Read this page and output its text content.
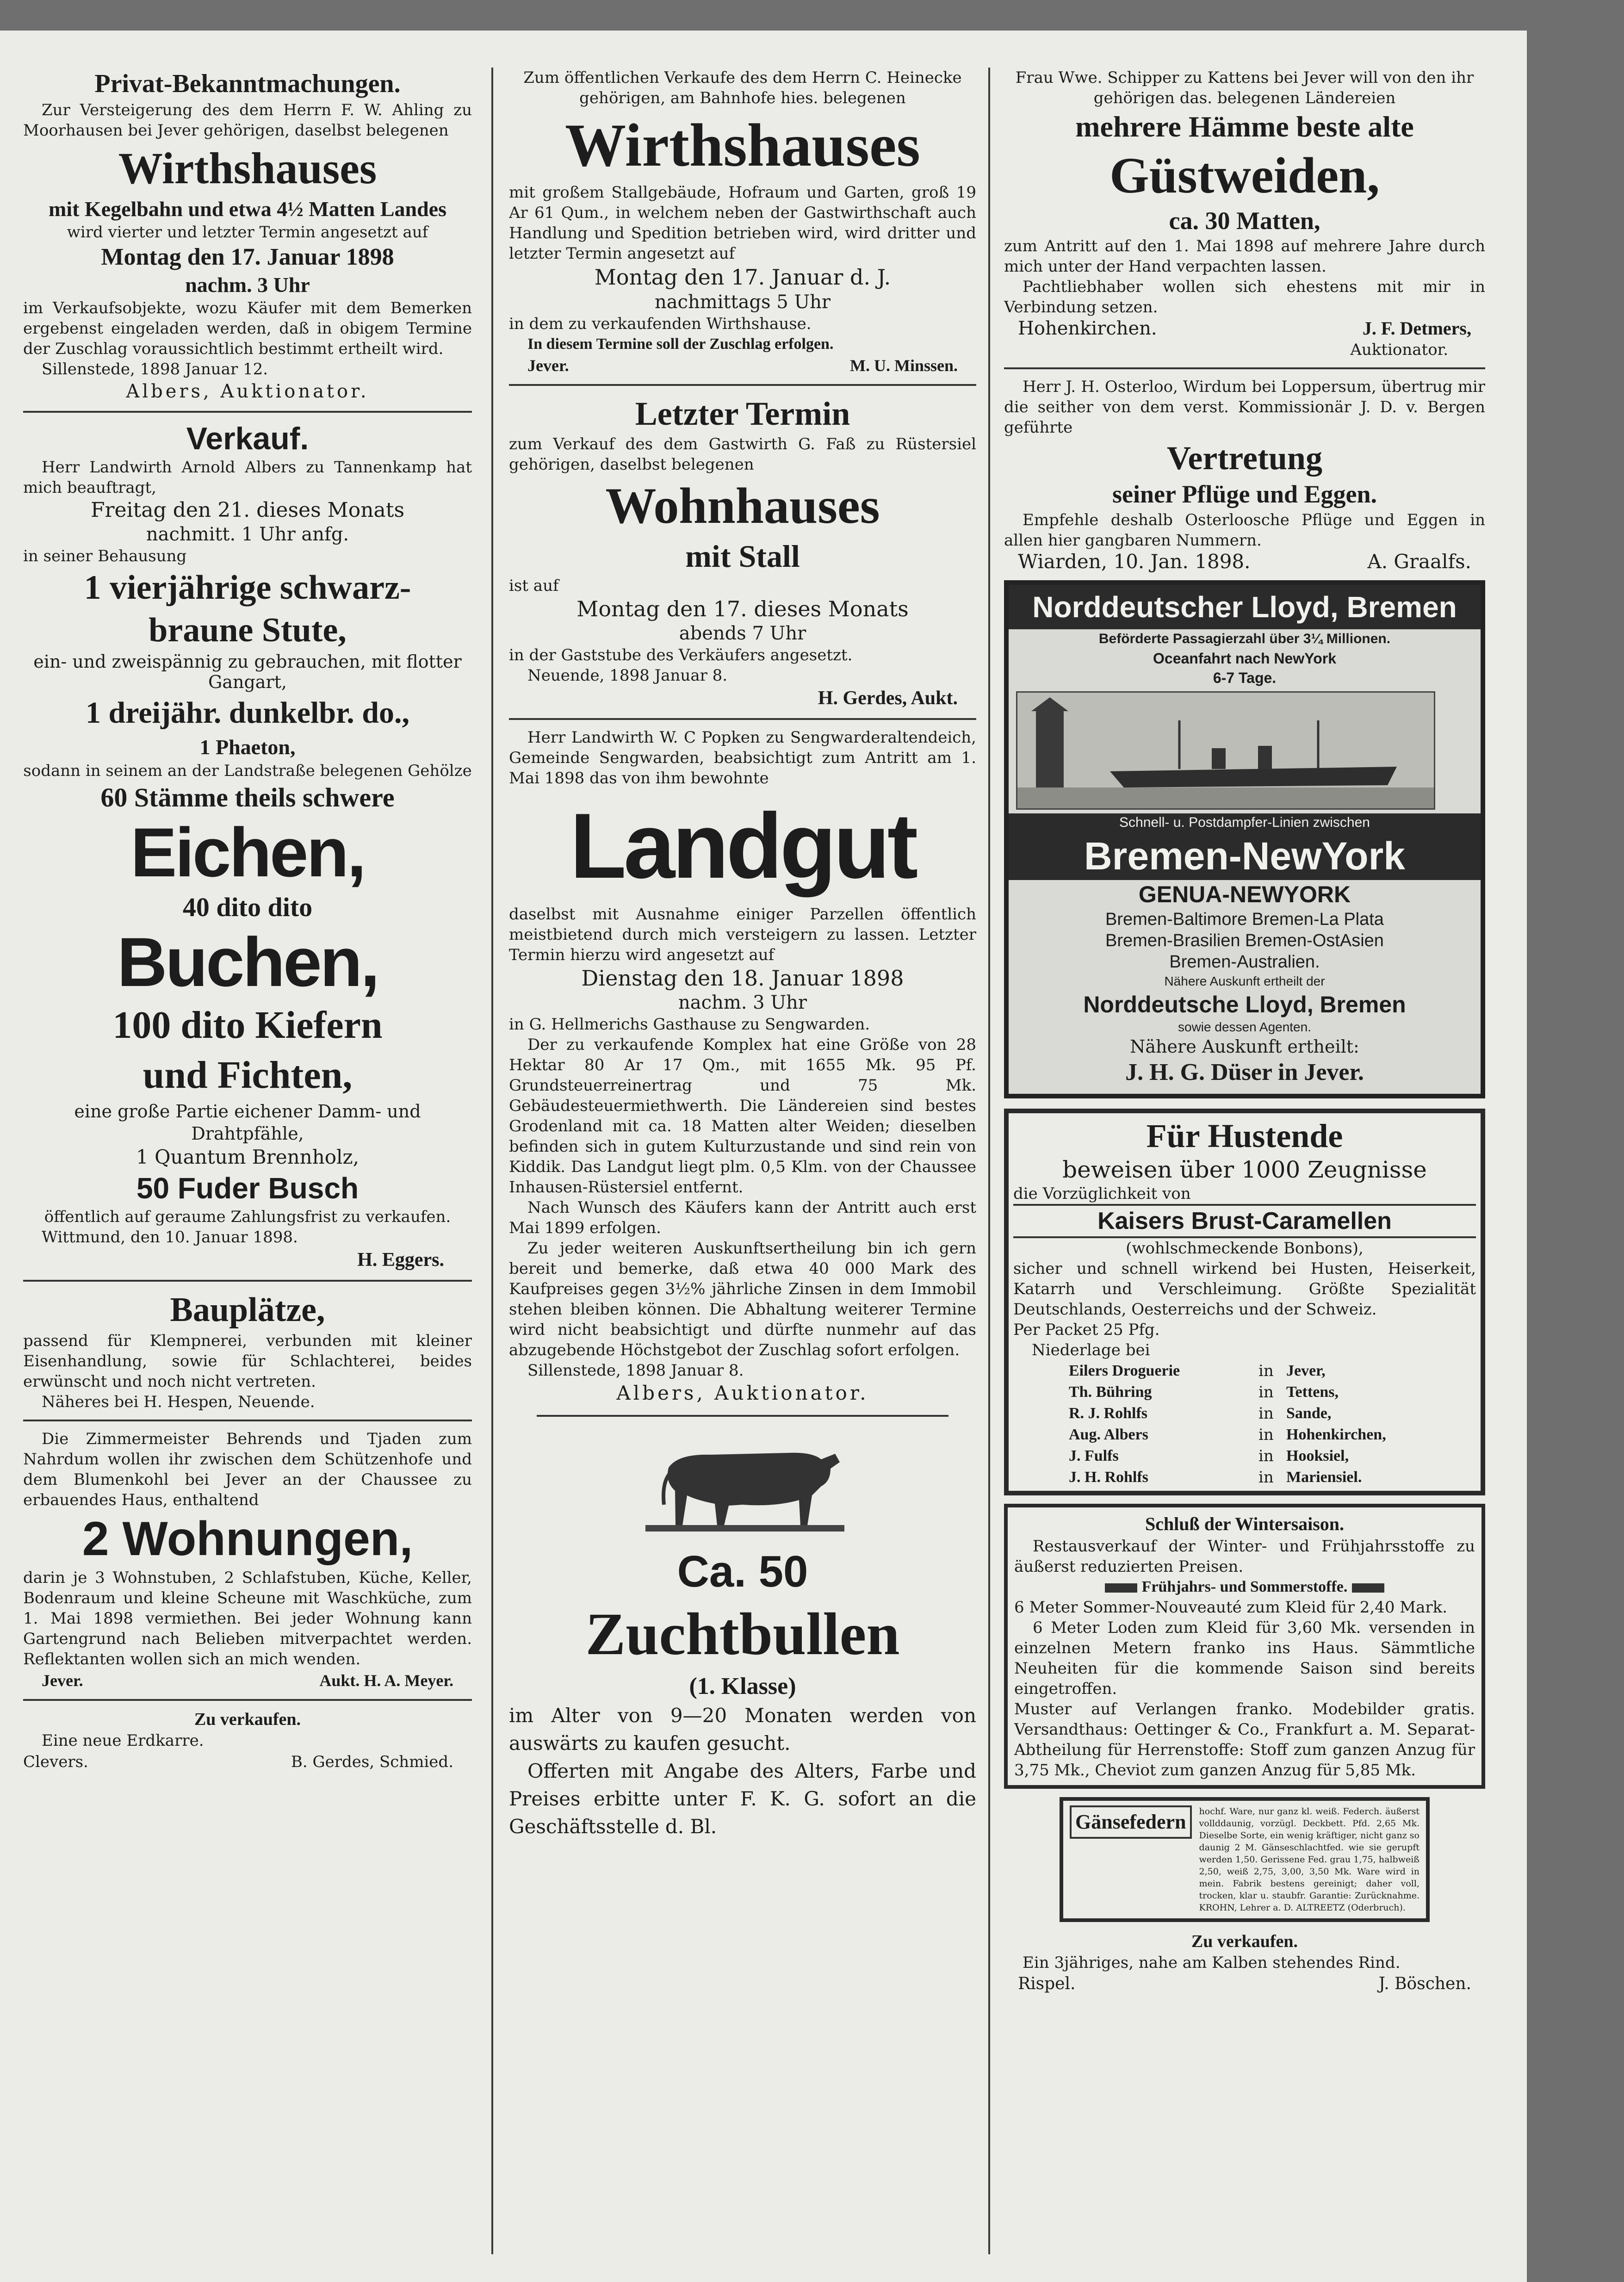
Privat-Bekanntmachungen.

Zur Versteigerung des dem Herrn F. W. Ahling zu Moorhausen bei Jever gehörigen, daselbst belegenen

Wirthshauses

mit Kegelbahn und etwa 4½ Matten Landes

wird vierter und letzter Termin angesetzt auf

Montag den 17. Januar 1898

nachm. 3 Uhr

im Verkaufsobjekte, wozu Käufer mit dem Bemerken ergebenst eingeladen werden, daß in obigem Termine der Zuschlag voraussichtlich bestimmt ertheilt wird.

Sillenstede, 1898 Januar 12.

Albers, Auktionator.

Verkauf.

Herr Landwirth Arnold Albers zu Tannenkamp hat mich beauftragt,

Freitag den 21. dieses Monats

nachmitt. 1 Uhr anfg.

in seiner Behausung

1 vierjährige schwarz-

braune Stute,

ein- und zweispännig zu gebrauchen, mit flotter Gangart,

1 dreijähr. dunkelbr. do.,

1 Phaeton,

sodann in seinem an der Landstraße belegenen Gehölze

60 Stämme theils schwere

Eichen,

40 dito dito

Buchen,

100 dito Kiefern

und Fichten,

eine große Partie eichener Damm- und Drahtpfähle,

1 Quantum Brennholz,

50 Fuder Busch

öffentlich auf geraume Zahlungsfrist zu verkaufen.

Wittmund, den 10. Januar 1898.

H. Eggers.

Bauplätze,

passend für Klempnerei, verbunden mit kleiner Eisenhandlung, sowie für Schlachterei, beides erwünscht und noch nicht vertreten.

Näheres bei H. Hespen, Neuende.

Die Zimmermeister Behrends und Tjaden zum Nahrdum wollen ihr zwischen dem Schützenhofe und dem Blumenkohl bei Jever an der Chaussee zu erbauendes Haus, enthaltend

2 Wohnungen,

darin je 3 Wohnstuben, 2 Schlafstuben, Küche, Keller, Bodenraum und kleine Scheune mit Waschküche, zum 1. Mai 1898 vermiethen. Bei jeder Wohnung kann Gartengrund nach Belieben mitverpachtet werden. Reflektanten wollen sich an mich wenden.

Jever.	Aukt. H. A. Meyer.

Zu verkaufen.

Eine neue Erdkarre.

Clevers.	B. Gerdes, Schmied.

Zum öffentlichen Verkaufe des dem Herrn C. Heinecke gehörigen, am Bahnhofe hies. belegenen

Wirthshauses

mit großem Stallgebäude, Hofraum und Garten, groß 19 Ar 61 Qum., in welchem neben der Gastwirthschaft auch Handlung und Spedition betrieben wird, wird dritter und letzter Termin angesetzt auf

Montag den 17. Januar d. J.

nachmittags 5 Uhr

in dem zu verkaufenden Wirthshause.

In diesem Termine soll der Zuschlag erfolgen.

Jever.	M. U. Minssen.

Letzter Termin

zum Verkauf des dem Gastwirth G. Faß zu Rüstersiel gehörigen, daselbst belegenen

Wohnhauses

mit Stall

ist auf

Montag den 17. dieses Monats

abends 7 Uhr

in der Gaststube des Verkäufers angesetzt.

Neuende, 1898 Januar 8.

H. Gerdes, Aukt.

Herr Landwirth W. C Popken zu Sengwarderaltendeich, Gemeinde Sengwarden, beabsichtigt zum Antritt am 1. Mai 1898 das von ihm bewohnte

Landgut

daselbst mit Ausnahme einiger Parzellen öffentlich meistbietend durch mich versteigern zu lassen. Letzter Termin hierzu wird angesetzt auf

Dienstag den 18. Januar 1898

nachm. 3 Uhr

in G. Hellmerichs Gasthause zu Sengwarden.

Der zu verkaufende Komplex hat eine Größe von 28 Hektar 80 Ar 17 Qm., mit 1655 Mk. 95 Pf. Grundsteuerreinertrag und 75 Mk. Gebäudesteuermiethwerth. Die Ländereien sind bestes Grodenland mit ca. 18 Matten alter Weiden; dieselben befinden sich in gutem Kulturzustande und sind rein von Kiddik. Das Landgut liegt plm. 0,5 Klm. von der Chaussee Inhausen-Rüstersiel entfernt.

Nach Wunsch des Käufers kann der Antritt auch erst Mai 1899 erfolgen.

Zu jeder weiteren Auskunftsertheilung bin ich gern bereit und bemerke, daß etwa 40 000 Mark des Kaufpreises gegen 3½% jährliche Zinsen in dem Immobil stehen bleiben können. Die Abhaltung weiterer Termine wird nicht beabsichtigt und dürfte nunmehr auf das abzugebende Höchstgebot der Zuschlag sofort erfolgen.

Sillenstede, 1898 Januar 8.

Albers, Auktionator.

Ca. 50

Zuchtbullen

(1. Klasse)

im Alter von 9—20 Monaten werden von auswärts zu kaufen gesucht.

Offerten mit Angabe des Alters, Farbe und Preises erbitte unter F. K. G. sofort an die Geschäftsstelle d. Bl.

Frau Wwe. Schipper zu Kattens bei Jever will von den ihr gehörigen das. belegenen Ländereien

mehrere Hämme beste alte

Güstweiden,

ca. 30 Matten,

zum Antritt auf den 1. Mai 1898 auf mehrere Jahre durch mich unter der Hand verpachten lassen.

Pachtliebhaber wollen sich ehestens mit mir in Verbindung setzen.

Hohenkirchen.	J. F. Detmers,

Auktionator.

Herr J. H. Osterloo, Wirdum bei Loppersum, übertrug mir die seither von dem verst. Kommissionär J. D. v. Bergen geführte

Vertretung

seiner Pflüge und Eggen.

Empfehle deshalb Osterloosche Pflüge und Eggen in allen hier gangbaren Nummern.

Wiarden, 10. Jan. 1898.	A. Graalfs.
Norddeutscher Lloyd, Bremen

Beförderte Passagierzahl über 3¼ Millionen.

Oceanfahrt nach NewYork

6-7 Tage.

Schnell- u. Postdampfer-Linien zwischen
Bremen-NewYork

GENUA-NEWYORK

Bremen-Baltimore Bremen-La Plata

Bremen-Brasilien Bremen-OstAsien

Bremen-Australien.

Nähere Auskunft ertheilt der

Norddeutsche Lloyd, Bremen

sowie dessen Agenten.

Nähere Auskunft ertheilt:

J. H. G. Düser in Jever.

Für Hustende

beweisen über 1000 Zeugnisse

die Vorzüglichkeit von

Kaisers Brust-Caramellen

(wohlschmeckende Bonbons),

sicher und schnell wirkend bei Husten, Heiserkeit, Katarrh und Verschleimung. Größte Spezialität Deutschlands, Oesterreichs und der Schweiz.

Per Packet 25 Pfg.

Niederlage bei

Eilers Droguerie	in Jever,
Th. Bühring	in Tettens,
R. J. Rohlfs	in Sande,
Aug. Albers	in Hohenkirchen,
J. Fulfs	in Hooksiel,
J. H. Rohlfs	in Mariensiel.

Schluß der Wintersaison.

Restausverkauf der Winter- und Frühjahrsstoffe zu äußerst reduzierten Preisen.

Frühjahrs- und Sommerstoffe.

6 Meter Sommer-Nouveauté zum Kleid für 2,40 Mark.

6 Meter Loden zum Kleid für 3,60 Mk. versenden in einzelnen Metern franko ins Haus. Sämmtliche Neuheiten für die kommende Saison sind bereits eingetroffen.

Muster auf Verlangen franko. Modebilder gratis. Versandthaus: Oettinger & Co., Frankfurt a. M. Separat-Abtheilung für Herrenstoffe: Stoff zum ganzen Anzug für 3,75 Mk., Cheviot zum ganzen Anzug für 5,85 Mk.

Gänsefedern	hochf. Ware, nur ganz kl. weiß. Federch. äußerst vollddaunig, vorzügl. Deckbett. Pfd. 2,65 Mk. Dieselbe Sorte, ein wenig kräftiger, nicht ganz so daunig 2 M. Gänseschlachtfed. wie sie gerupft werden 1,50. Gerissene Fed. grau 1,75, halbweiß 2,50, weiß 2,75, 3,00, 3,50 Mk. Ware wird in mein. Fabrik bestens gereinigt; daher voll, trocken, klar u. staubfr. Garantie: Zurücknahme. KROHN, Lehrer a. D. ALTREETZ (Oderbruch).

Zu verkaufen.

Ein 3jähriges, nahe am Kalben stehendes Rind.

Rispel.	J. Böschen.
